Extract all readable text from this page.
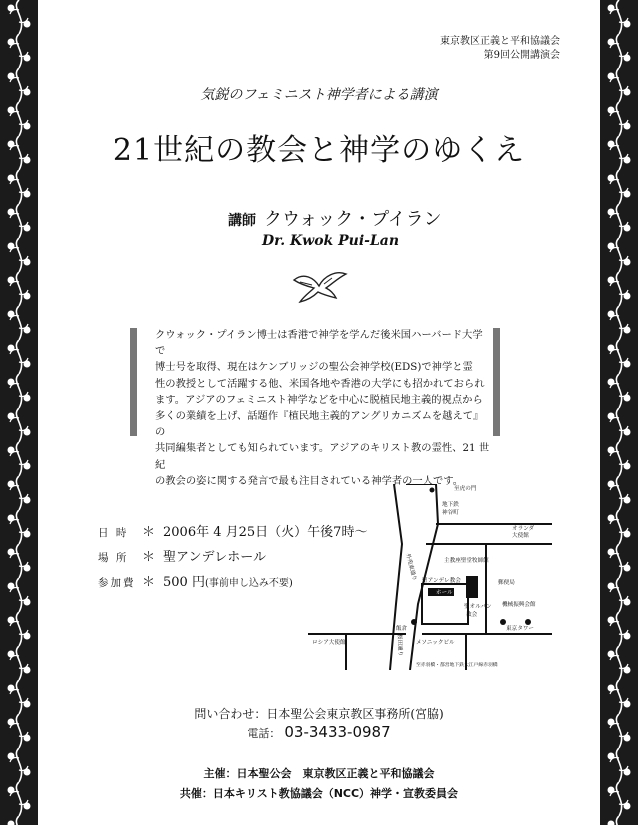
東京教区正義と平和協議会
第9回公開講演会
気鋭のフェミニスト神学者による講演
21世紀の教会と神学のゆくえ
講師 クウォック・プイラン
Dr. Kwok Pui-Lan
クウォック・プイラン博士は香港で神学を学んだ後米国ハーバード大学で
博士号を取得、現在はケンブリッジの聖公会神学校(EDS)で神学と霊
性の教授として活躍する他、米国各地や香港の大学にも招かれておられ
ます。アジアのフェミニスト神学などを中心に脱植民地主義的視点から
多くの業績を上げ、話題作『植民地主義的アングリカニズムを越えて』の
共同編集者としても知られています。アジアのキリスト教の霊性、21 世紀
の教会の姿に関する発言で最も注目されている神学者の一人です。
日 時 ＊ 2006年 4 月25日（火）午後7時～
場 所 ＊ 聖アンデレホール
参加費 ＊ 500 円(事前申し込み不要)
至虎の門
地下鉄
神谷町
オランダ
大使館
主教座聖堂牧師館
聖アンデレ教会
ホール
郵便局
機械振興会館
聖オルバン
教会
ロシア大使館
飯倉
メソニックビル
東京タワー
至赤羽橋・都営地下鉄大江戸線赤羽橋
外苑東通り
桜田通り
問い合わせ：日本聖公会東京教区事務所(宮脇)
電話： 03-3433-0987
主催：日本聖公会　東京教区正義と平和協議会
共催：日本キリスト教協議会（NCC）神学・宣教委員会
